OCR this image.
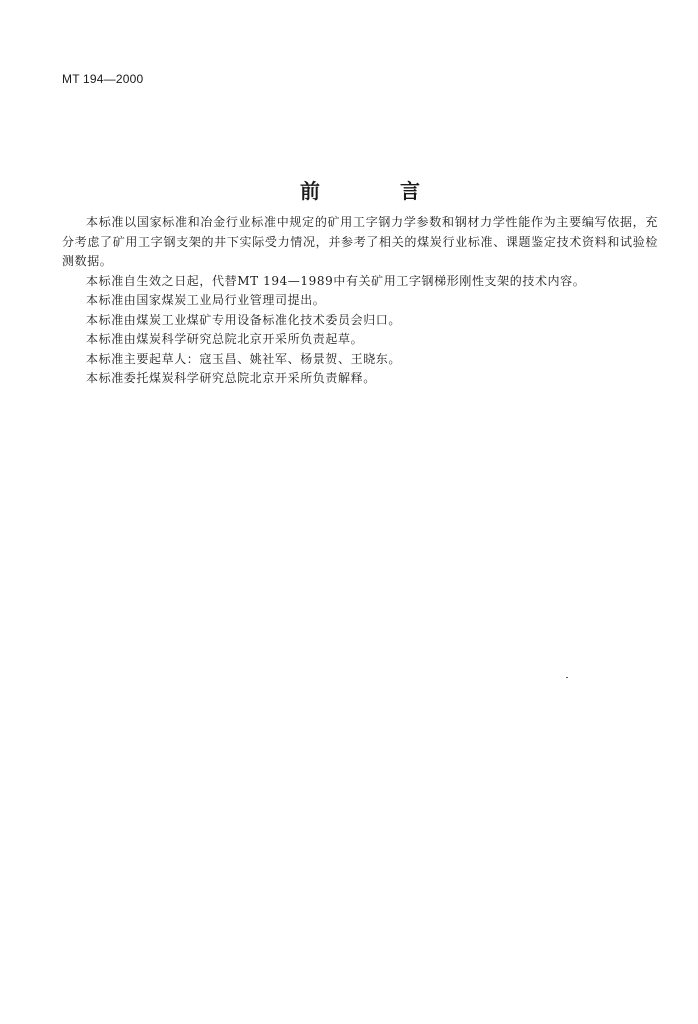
MT 194—2000
前	言

本标准以国家标准和冶金行业标准中规定的矿用工字钢力学参数和钢材力学性能作为主要编写依据，充分考虑了矿用工字钢支架的井下实际受力情况，并参考了相关的煤炭行业标准、课题鉴定技术资料和试验检测数据。

本标准自生效之日起，代替MT 194—1989中有关矿用工字钢梯形刚性支架的技术内容。

本标准由国家煤炭工业局行业管理司提出。

本标准由煤炭工业煤矿专用设备标准化技术委员会归口。

本标准由煤炭科学研究总院北京开采所负责起草。

本标准主要起草人：寇玉昌、姚社军、杨景贺、王晓东。

本标准委托煤炭科学研究总院北京开采所负责解释。
